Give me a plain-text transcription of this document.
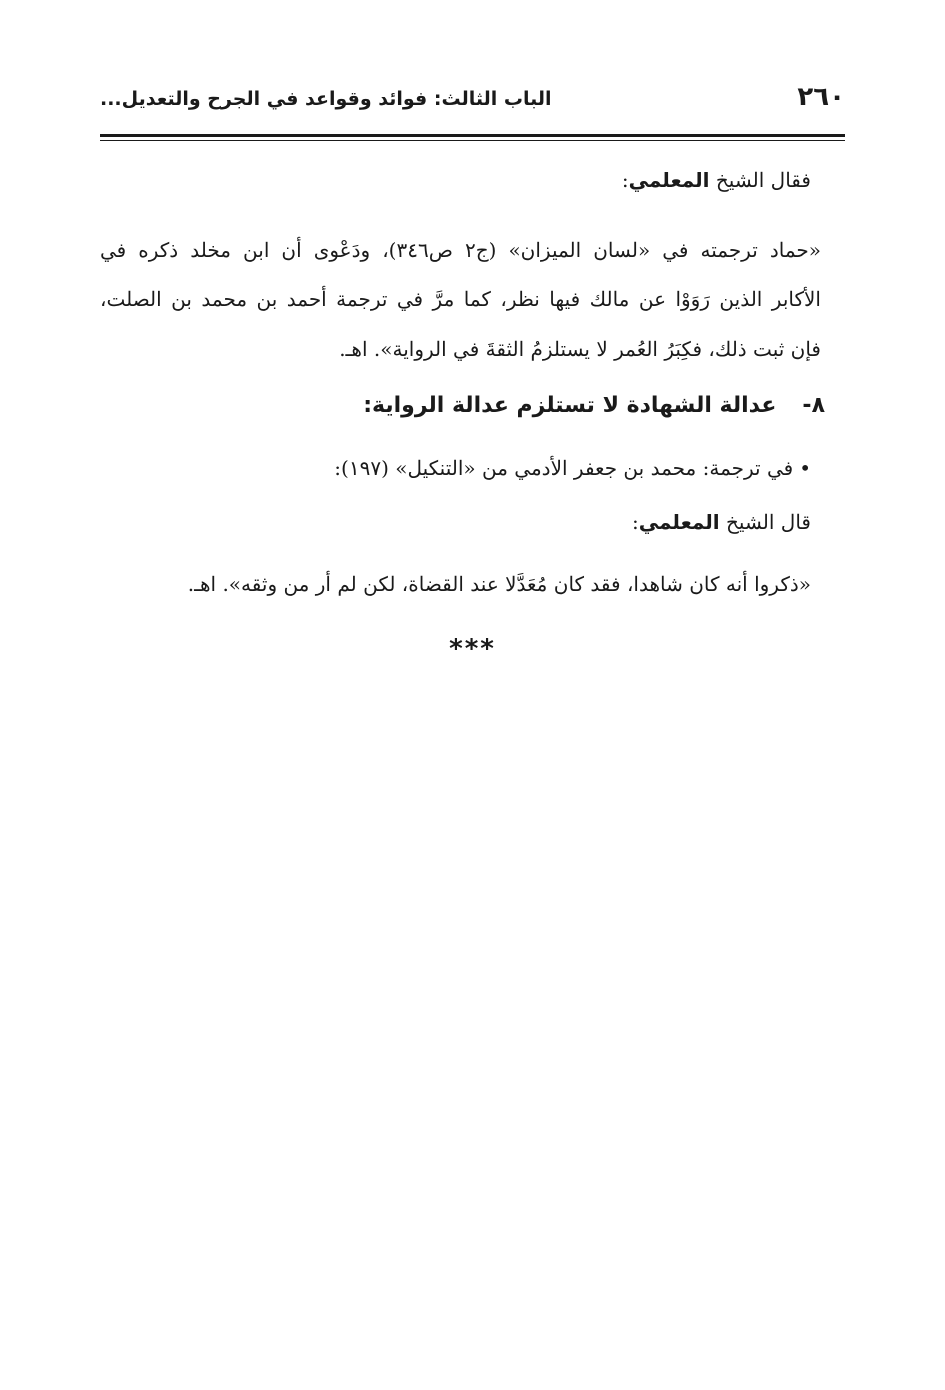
٢٦٠
الباب الثالث: فوائد وقواعد في الجرح والتعديل...
فقال الشيخ المعلمي:
«حماد ترجمته في «لسان الميزان» (ج٢ ص٣٤٦)، ودَعْوى أن ابن مخلد ذكره في
الأكابر الذين رَوَوْا عن مالك فيها نظر، كما مرَّ في ترجمة أحمد بن محمد بن الصلت،
فإن ثبت ذلك، فكِبَرُ العُمر لا يستلزمُ الثقةَ في الرواية». اهـ.
٨-عدالة الشهادة لا تستلزم عدالة الرواية:
•في ترجمة: محمد بن جعفر الأدمي من «التنكيل» (١٩٧):
قال الشيخ المعلمي:
«ذكروا أنه كان شاهدا، فقد كان مُعَدَّلا عند القضاة، لكن لم أر من وثقه». اهـ.
***
